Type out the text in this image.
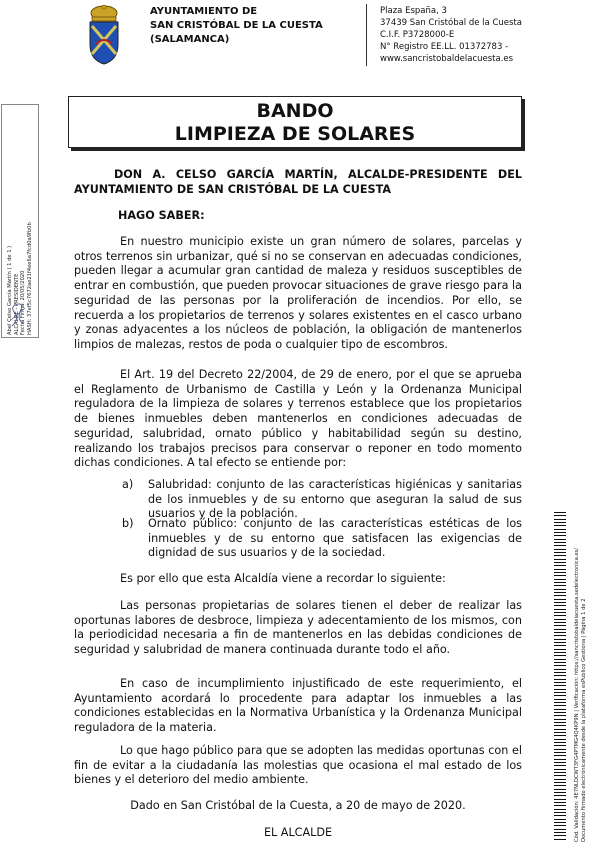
AYUNTAMIENTO DE
SAN CRISTÓBAL DE LA CUESTA
(SALAMANCA)
Plaza España, 3
37439 San Cristóbal de la Cuesta
C.I.F. P3728000-E
N° Registro EE.LL. 01372783 -
www.sancristobaldelacuesta.es
Abel Celso García Martín ( 1 de 1 ) ALCALDE - PRESIDENTE Fecha Firma: 20/05/2020 HASH: 37ef5c7672ae21f4ee6a7fcd0a9fb0b
BANDO
LIMPIEZA DE SOLARES
DON A. CELSO GARCÍA MARTÍN, ALCALDE-PRESIDENTE DEL AYUNTAMIENTO DE SAN CRISTÓBAL DE LA CUESTA
HAGO SABER:
En nuestro municipio existe un gran número de solares, parcelas y otros terrenos sin urbanizar, qué si no se conservan en adecuadas condiciones, pueden llegar a acumular gran cantidad de maleza y residuos susceptibles de entrar en combustión, que pueden provocar situaciones de grave riesgo para la seguridad de las personas por la proliferación de incendios. Por ello, se recuerda a los propietarios de terrenos y solares existentes en el casco urbano y zonas adyacentes a los núcleos de población, la obligación de mantenerlos limpios de malezas, restos de poda o cualquier tipo de escombros.
El Art. 19 del Decreto 22/2004, de 29 de enero, por el que se aprueba el Reglamento de Urbanismo de Castilla y León y la Ordenanza Municipal reguladora de la limpieza de solares y terrenos establece que los propietarios de bienes inmuebles deben mantenerlos en condiciones adecuadas de seguridad, salubridad, ornato público y habitabilidad según su destino, realizando los trabajos precisos para conservar o reponer en todo momento dichas condiciones. A tal efecto se entiende por:
a) Salubridad: conjunto de las características higiénicas y sanitarias de los inmuebles y de su entorno que aseguran la salud de sus usuarios y de la población.
b) Ornato público: conjunto de las características estéticas de los inmuebles y de su entorno que satisfacen las exigencias de dignidad de sus usuarios y de la sociedad.
Es por ello que esta Alcaldía viene a recordar lo siguiente:
Las personas propietarias de solares tienen el deber de realizar las oportunas labores de desbroce, limpieza y adecentamiento de los mismos, con la periodicidad necesaria a fin de mantenerlos en las debidas condiciones de seguridad y salubridad de manera continuada durante todo el año.
En caso de incumplimiento injustificado de este requerimiento, el Ayuntamiento acordará lo procedente para adaptar los inmuebles a las condiciones establecidas en la Normativa Urbanística y la Ordenanza Municipal reguladora de la materia.
Lo que hago público para que se adopten las medidas oportunas con el fin de evitar a la ciudadanía las molestias que ocasiona el mal estado de los bienes y el deterioro del medio ambiente.
Dado en San Cristóbal de la Cuesta, a 20 de mayo de 2020.
EL ALCALDE	Cód. Validación: 4E7NLDCWT3FG4PTMG4Q4KP9N | Verificación: https://sancristobaldelacuesta.sedelectronica.es/ Documento firmado electrónicamente desde la plataforma esPublico Gestiona | Página 1 de 2
